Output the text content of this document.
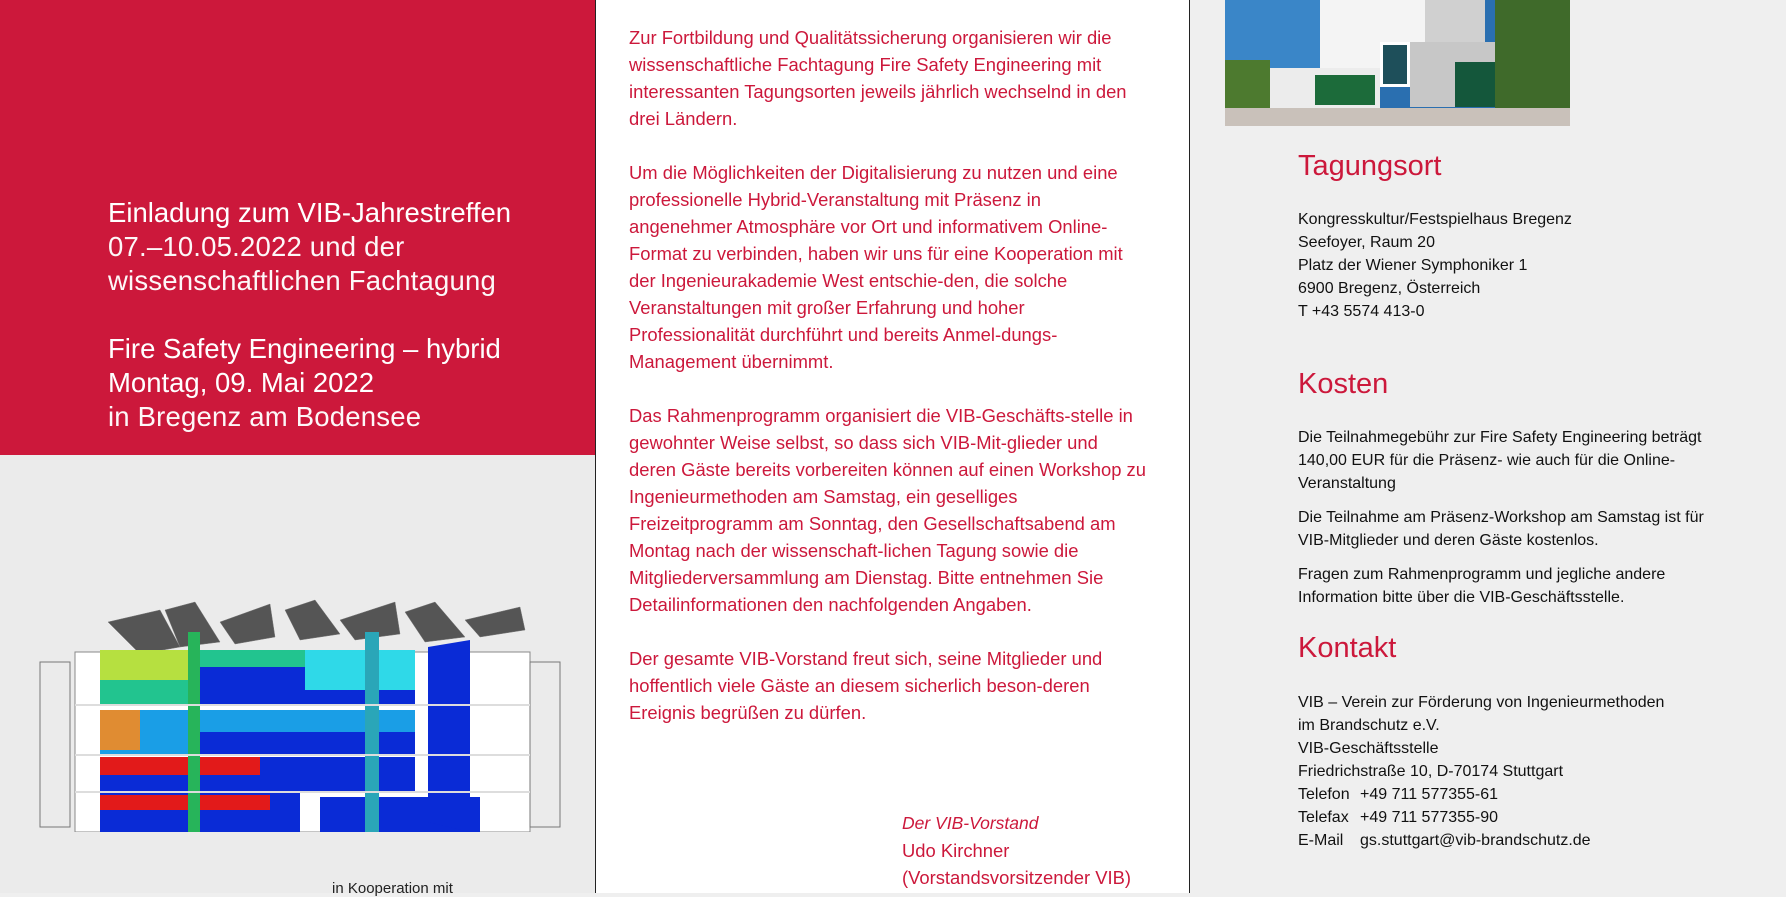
Einladung zum VIB-Jahrestreffen
07.–10.05.2022 und der
wissenschaftlichen Fachtagung
Fire Safety Engineering – hybrid
Montag, 09. Mai 2022
in Bregenz am Bodensee
in Kooperation mit

Zur Fortbildung und Qualitätssicherung organisieren wir die wissenschaftliche Fachtagung Fire Safety Engineering mit interessanten Tagungsorten jeweils jährlich wechselnd in den drei Ländern.

Um die Möglichkeiten der Digitalisierung zu nutzen und eine professionelle Hybrid-Veranstaltung mit Präsenz in angenehmer Atmosphäre vor Ort und informativem Online-Format zu verbinden, haben wir uns für eine Kooperation mit der Ingenieurakademie West entschie-den, die solche Veranstaltungen mit großer Erfahrung und hoher Professionalität durchführt und bereits Anmel-dungs-Management übernimmt.

Das Rahmenprogramm organisiert die VIB-Geschäfts-stelle in gewohnter Weise selbst, so dass sich VIB-Mit-glieder und deren Gäste bereits vorbereiten können auf einen Workshop zu Ingenieurmethoden am Samstag, ein geselliges Freizeitprogramm am Sonntag, den Gesellschaftsabend am Montag nach der wissenschaft-lichen Tagung sowie die Mitgliederversammlung am Dienstag. Bitte entnehmen Sie Detailinformationen den nachfolgenden Angaben.

Der gesamte VIB-Vorstand freut sich, seine Mitglieder und hoffentlich viele Gäste an diesem sicherlich beson-deren Ereignis begrüßen zu dürfen.

Der VIB-Vorstand
Udo Kirchner
(Vorstandsvorsitzender VIB)
Tagungsort
Kongresskultur/Festspielhaus Bregenz
Seefoyer, Raum 20
Platz der Wiener Symphoniker 1
6900 Bregenz, Österreich
T +43 5574 413-0
Kosten

Die Teilnahmegebühr zur Fire Safety Engineering beträgt 140,00 EUR für die Präsenz- wie auch für die Online-Veranstaltung

Die Teilnahme am Präsenz-Workshop am Samstag ist für VIB-Mitglieder und deren Gäste kostenlos.

Fragen zum Rahmenprogramm und jegliche andere Information bitte über die VIB-Geschäftsstelle.

Kontakt
VIB – Verein zur Förderung von Ingenieurmethoden
im Brandschutz e.V.
VIB-Geschäftsstelle
Friedrichstraße 10, D-70174 Stuttgart
Telefon +49 711 577355-61
Telefax +49 711 577355-90
E-Mail gs.stuttgart@vib-brandschutz.de
